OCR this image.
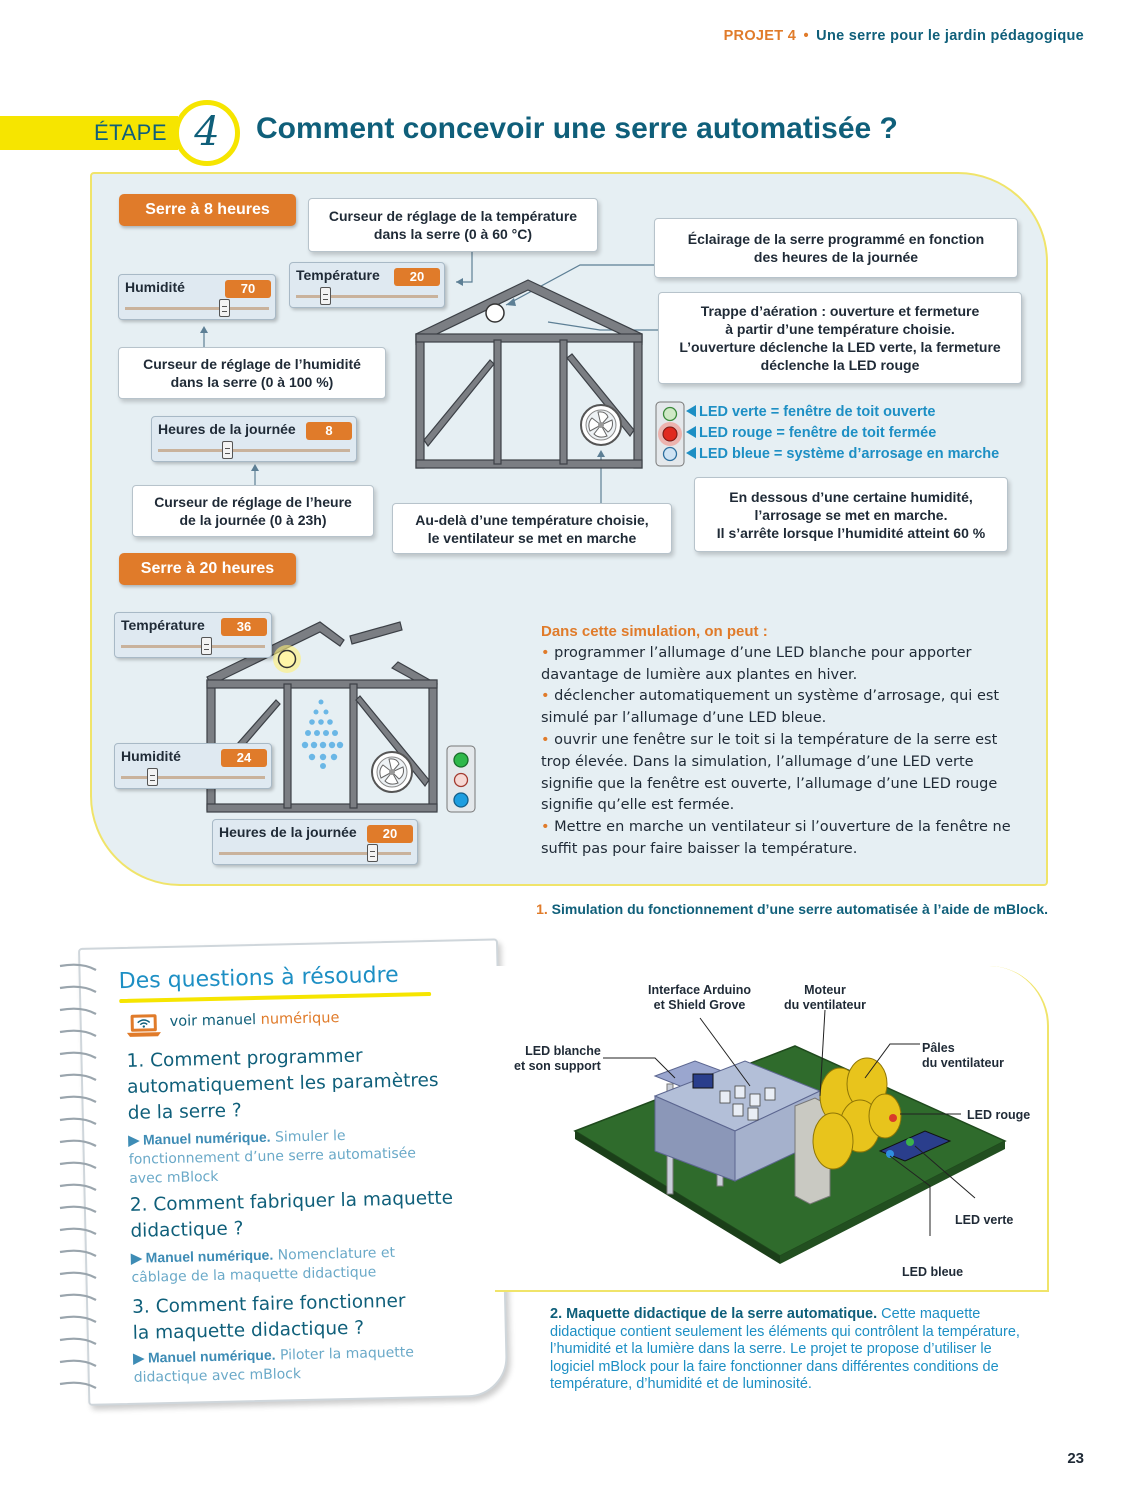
PROJET 4 • Une serre pour le jardin pédagogique
ÉTAPE 4	Comment concevoir une serre automatisée ?
Serre à 8 heures
Serre à 20 heures
Curseur de réglage de la température
dans la serre (0 à 60 °C)	Éclairage de la serre programmé en fonction
des heures de la journée
Trappe d’aération : ouverture et fermeture
à partir d’une température choisie.
L’ouverture déclenche la LED verte, la fermeture
déclenche la LED rouge
Curseur de réglage de l’humidité
dans la serre (0 à 100 %)
Curseur de réglage de l’heure
de la journée (0 à 23h)	Au-delà d’une température choisie,
le ventilateur se met en marche
En dessous d’une certaine humidité,
l’arrosage se met en marche.
Il s’arrête lorsque l’humidité atteint 60 %
Humidité	70
Température	20
Heures de la journée	8
Température	36
Humidité	24
Heures de la journée	20
LED verte = fenêtre de toit ouverte
LED rouge = fenêtre de toit fermée
LED bleue = système d’arrosage en marche
Dans cette simulation, on peut :
• programmer l’allumage d’une LED blanche pour apporter davantage de lumière aux plantes en hiver.
• déclencher automatiquement un système d’arrosage, qui est simulé par l’allumage d’une LED bleue.
• ouvrir une fenêtre sur le toit si la température de la serre est trop élevée. Dans la simulation, l’allumage d’une LED verte signifie que la fenêtre est ouverte, l’allumage d’une LED rouge signifie qu’elle est fermée.
• Mettre en marche un ventilateur si l’ouverture de la fenêtre ne suffit pas pour faire baisser la température.
1. Simulation du fonctionnement d’une serre automatisée à l’aide de mBlock.
Des questions à résoudre
voir manuel numérique
1. Comment programmer
automatiquement les paramètres
de la serre ?
▶ Manuel numérique. Simuler le
fonctionnement d’une serre automatisée
avec mBlock
2. Comment fabriquer la maquette
didactique ?
▶ Manuel numérique. Nomenclature et
câblage de la maquette didactique
3. Comment faire fonctionner
la maquette didactique ?
▶ Manuel numérique. Piloter la maquette
didactique avec mBlock
Interface Arduino
et Shield Grove
Moteur
du ventilateur
Pâles
du ventilateur
LED blanche
et son support
LED rouge
LED verte
LED bleue
2. Maquette didactique de la serre automatique. Cette maquette didactique contient seulement les éléments qui contrôlent la température, l’humidité et la lumière dans la serre. Le projet te propose d’utiliser le logiciel mBlock pour la faire fonctionner dans différentes conditions de température, d’humidité et de luminosité.
23
